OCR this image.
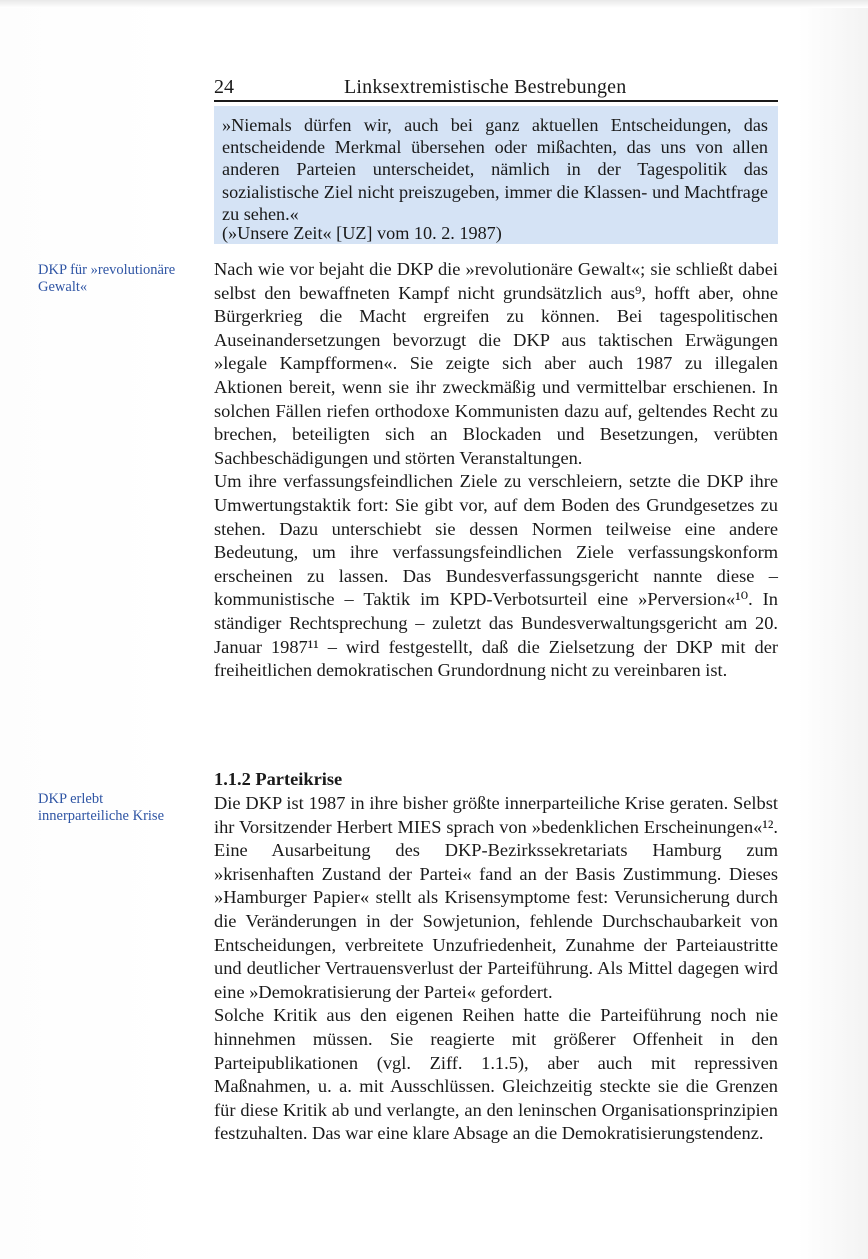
24	Linksextremistische Bestrebungen
»Niemals dürfen wir, auch bei ganz aktuellen Entscheidungen, das entscheidende Merkmal übersehen oder mißachten, das uns von allen anderen Parteien unterscheidet, nämlich in der Tagespolitik das sozialistische Ziel nicht preiszugeben, immer die Klassen- und Machtfrage zu sehen.«
(»Unsere Zeit« [UZ] vom 10. 2. 1987)
DKP für »revolutionäre Gewalt«
DKP erlebt innerparteiliche Krise

Nach wie vor bejaht die DKP die »revolutionäre Gewalt«; sie schließt dabei selbst den bewaffneten Kampf nicht grundsätzlich aus⁹, hofft aber, ohne Bürgerkrieg die Macht ergreifen zu können. Bei tagespolitischen Auseinandersetzungen bevorzugt die DKP aus taktischen Erwägungen »legale Kampfformen«. Sie zeigte sich aber auch 1987 zu illegalen Aktionen bereit, wenn sie ihr zweckmäßig und vermittelbar erschienen. In solchen Fällen riefen orthodoxe Kommunisten dazu auf, geltendes Recht zu brechen, beteiligten sich an Blockaden und Besetzungen, verübten Sachbeschädigungen und störten Veranstaltungen.

Um ihre verfassungsfeindlichen Ziele zu verschleiern, setzte die DKP ihre Umwertungstaktik fort: Sie gibt vor, auf dem Boden des Grundgesetzes zu stehen. Dazu unterschiebt sie dessen Normen teilweise eine andere Bedeutung, um ihre verfassungsfeindlichen Ziele verfassungskonform erscheinen zu lassen. Das Bundesverfassungsgericht nannte diese – kommunistische – Taktik im KPD-Verbotsurteil eine »Perversion«¹⁰. In ständiger Rechtsprechung – zuletzt das Bundesverwaltungsgericht am 20. Januar 1987¹¹ – wird festgestellt, daß die Zielsetzung der DKP mit der freiheitlichen demokratischen Grundordnung nicht zu vereinbaren ist.

1.1.2 Parteikrise

Die DKP ist 1987 in ihre bisher größte innerparteiliche Krise geraten. Selbst ihr Vorsitzender Herbert MIES sprach von »bedenklichen Erscheinungen«¹². Eine Ausarbeitung des DKP-Bezirkssekretariats Hamburg zum »krisenhaften Zustand der Partei« fand an der Basis Zustimmung. Dieses »Hamburger Papier« stellt als Krisensymptome fest: Verunsicherung durch die Veränderungen in der Sowjetunion, fehlende Durchschaubarkeit von Entscheidungen, verbreitete Unzufriedenheit, Zunahme der Parteiaustritte und deutlicher Vertrauensverlust der Parteiführung. Als Mittel dagegen wird eine »Demokratisierung der Partei« gefordert.

Solche Kritik aus den eigenen Reihen hatte die Parteiführung noch nie hinnehmen müssen. Sie reagierte mit größerer Offenheit in den Parteipublikationen (vgl. Ziff. 1.1.5), aber auch mit repressiven Maßnahmen, u. a. mit Ausschlüssen. Gleichzeitig steckte sie die Grenzen für diese Kritik ab und verlangte, an den leninschen Organisationsprinzipien festzuhalten. Das war eine klare Absage an die Demokratisierungstendenz.
